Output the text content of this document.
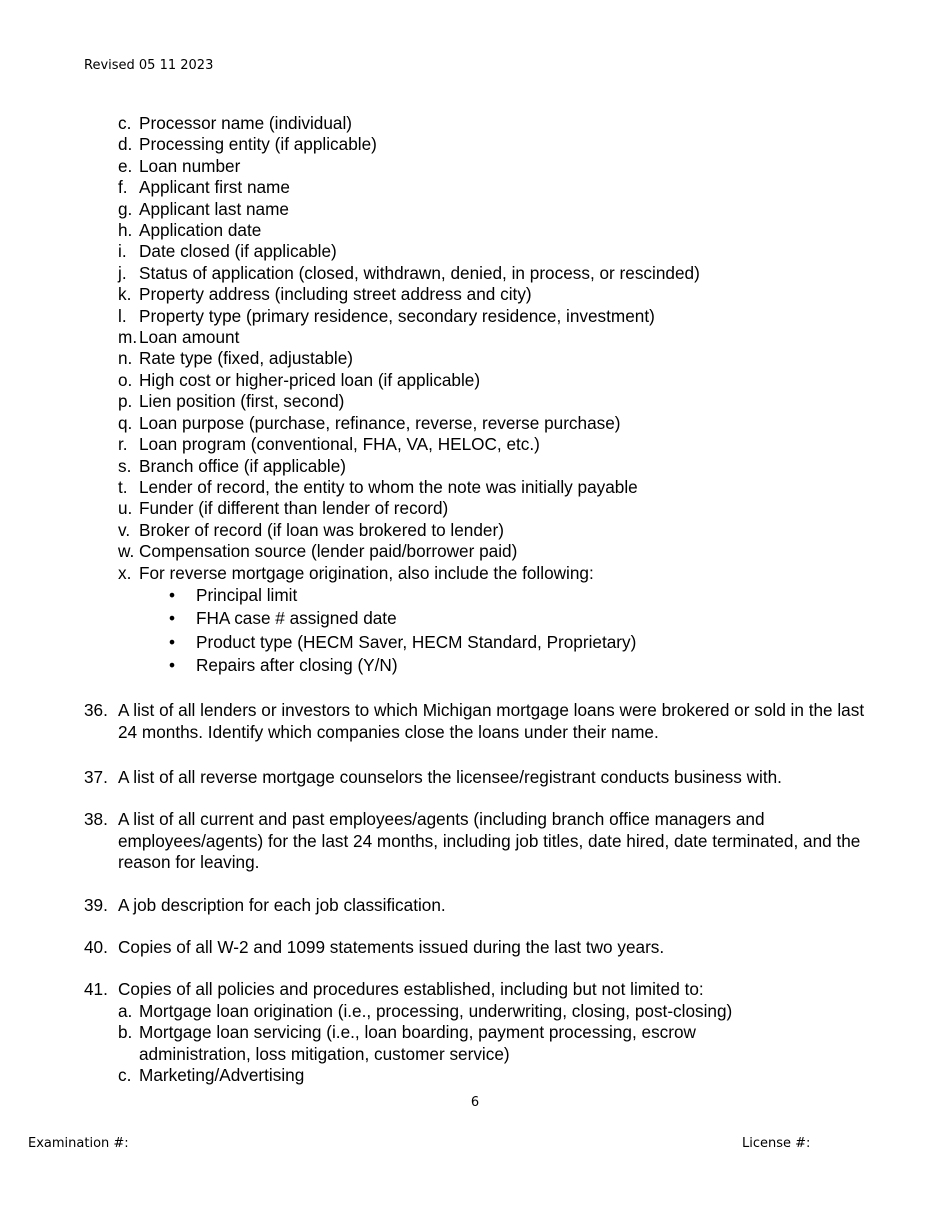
Revised 05 11 2023
c. Processor name (individual)
d. Processing entity (if applicable)
e. Loan number
f. Applicant first name
g. Applicant last name
h. Application date
i. Date closed (if applicable)
j. Status of application (closed, withdrawn, denied, in process, or rescinded)
k. Property address (including street address and city)
l. Property type (primary residence, secondary residence, investment)
m. Loan amount
n. Rate type (fixed, adjustable)
o. High cost or higher-priced loan (if applicable)
p. Lien position (first, second)
q. Loan purpose (purchase, refinance, reverse, reverse purchase)
r. Loan program (conventional, FHA, VA, HELOC, etc.)
s. Branch office (if applicable)
t. Lender of record, the entity to whom the note was initially payable
u. Funder (if different than lender of record)
v. Broker of record (if loan was brokered to lender)
w. Compensation source (lender paid/borrower paid)
x. For reverse mortgage origination, also include the following:
•	Principal limit
•	FHA case # assigned date
•	Product type (HECM Saver, HECM Standard, Proprietary)
•	Repairs after closing (Y/N)
36. A list of all lenders or investors to which Michigan mortgage loans were brokered or sold in the last 24 months. Identify which companies close the loans under their name.
37. A list of all reverse mortgage counselors the licensee/registrant conducts business with.
38. A list of all current and past employees/agents (including branch office managers and employees/agents) for the last 24 months, including job titles, date hired, date terminated, and the reason for leaving.
39. A job description for each job classification.
40. Copies of all W-2 and 1099 statements issued during the last two years.
41. Copies of all policies and procedures established, including but not limited to:
a. Mortgage loan origination (i.e., processing, underwriting, closing, post-closing)
b. Mortgage loan servicing (i.e., loan boarding, payment processing, escrow administration, loss mitigation, customer service)
c. Marketing/Advertising
6
Examination #:	License #:
